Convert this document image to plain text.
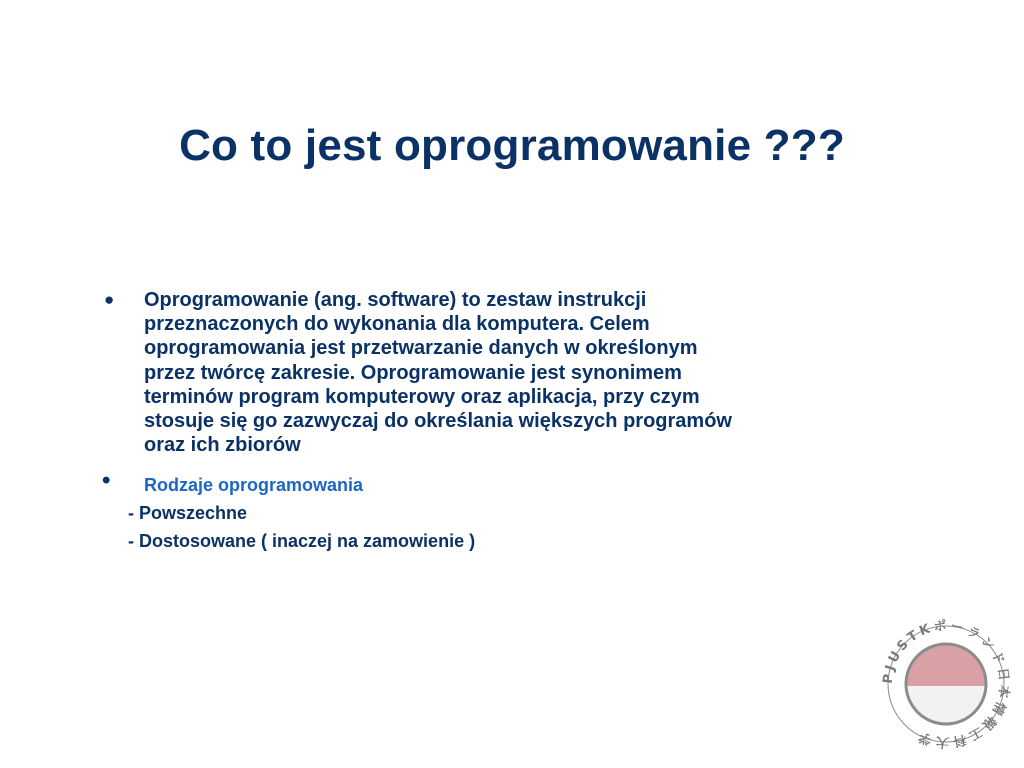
Co to jest oprogramowanie ???
● Oprogramowanie (ang. software) to zestaw instrukcji przeznaczonych do wykonania dla komputera. Celem oprogramowania jest przetwarzanie danych w określonym przez twórcę zakresie. Oprogramowanie jest synonimem terminów program komputerowy oraz aplikacja, przy czym stosuje się go zazwyczaj do określania większych programów oraz ich zbiorów
• Rodzaje oprogramowania
- Powszechne
- Dostosowane ( inaczej na zamowienie )
PJUSTKポーランド日本情報工科大学
